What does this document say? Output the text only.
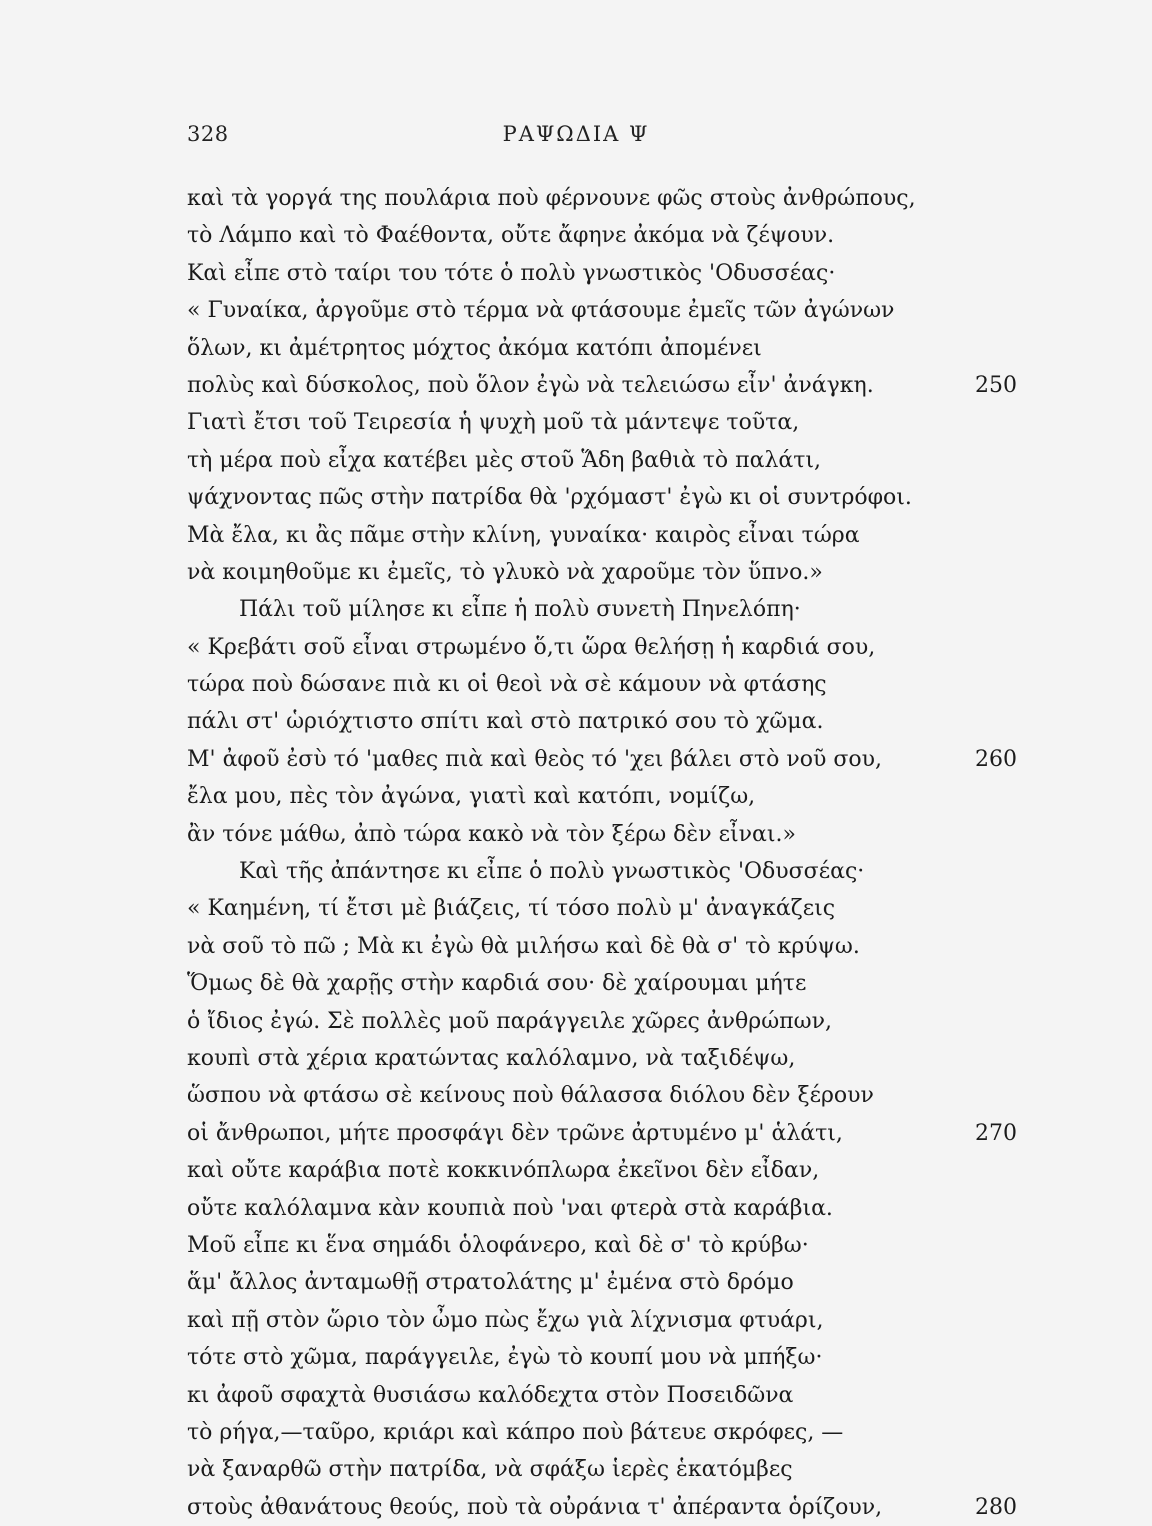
328	ΡΑΨΩΔΙΑ Ψ
καὶ τὰ γοργά της πουλάρια ποὺ φέρνουνε φῶς στοὺς ἀνθρώπους,
τὸ Λάμπο καὶ τὸ Φαέθοντα, οὔτε ἄφηνε ἀκόμα νὰ ζέψουν.
Καὶ εἶπε στὸ ταίρι του τότε ὁ πολὺ γνωστικὸς 'Οδυσσέας·
« Γυναίκα, ἀργοῦμε στὸ τέρμα νὰ φτάσουμε ἐμεῖς τῶν ἀγώνων
ὅλων, κι ἀμέτρητος μόχτος ἀκόμα κατόπι ἀπομένει
πολὺς καὶ δύσκολος, ποὺ ὅλον ἐγὼ νὰ τελειώσω εἶν' ἀνάγκη.	250
Γιατὶ ἔτσι τοῦ Τειρεσία ἡ ψυχὴ μοῦ τὰ μάντεψε τοῦτα,
τὴ μέρα ποὺ εἶχα κατέβει μὲς στοῦ Ἅδη βαθιὰ τὸ παλάτι,
ψάχνοντας πῶς στὴν πατρίδα θὰ 'ρχόμαστ' ἐγὼ κι οἱ συντρόφοι.
Μὰ ἔλα, κι ἂς πᾶμε στὴν κλίνη, γυναίκα· καιρὸς εἶναι τώρα
νὰ κοιμηθοῦμε κι ἐμεῖς, τὸ γλυκὸ νὰ χαροῦμε τὸν ὕπνο.»
Πάλι τοῦ μίλησε κι εἶπε ἡ πολὺ συνετὴ Πηνελόπη·
« Κρεβάτι σοῦ εἶναι στρωμένο ὅ,τι ὥρα θελήσῃ ἡ καρδιά σου,
τώρα ποὺ δώσανε πιὰ κι οἱ θεοὶ νὰ σὲ κάμουν νὰ φτάσης
πάλι στ' ὡριόχτιστο σπίτι καὶ στὸ πατρικό σου τὸ χῶμα.
Μ' ἀφοῦ ἐσὺ τό 'μαθες πιὰ καὶ θεὸς τό 'χει βάλει στὸ νοῦ σου,	260
ἔλα μου, πὲς τὸν ἀγώνα, γιατὶ καὶ κατόπι, νομίζω,
ἂν τόνε μάθω, ἀπὸ τώρα κακὸ νὰ τὸν ξέρω δὲν εἶναι.»
Καὶ τῆς ἀπάντησε κι εἶπε ὁ πολὺ γνωστικὸς 'Οδυσσέας·
« Καημένη, τί ἔτσι μὲ βιάζεις, τί τόσο πολὺ μ' ἀναγκάζεις
νὰ σοῦ τὸ πῶ ; Μὰ κι ἐγὼ θὰ μιλήσω καὶ δὲ θὰ σ' τὸ κρύψω.
Ὅμως δὲ θὰ χαρῇς στὴν καρδιά σου· δὲ χαίρουμαι μήτε
ὁ ἴδιος ἐγώ. Σὲ πολλὲς μοῦ παράγγειλε χῶρες ἀνθρώπων,
κουπὶ στὰ χέρια κρατώντας καλόλαμνο, νὰ ταξιδέψω,
ὥσπου νὰ φτάσω σὲ κείνους ποὺ θάλασσα διόλου δὲν ξέρουν
οἱ ἄνθρωποι, μήτε προσφάγι δὲν τρῶνε ἀρτυμένο μ' ἁλάτι,	270
καὶ οὔτε καράβια ποτὲ κοκκινόπλωρα ἐκεῖνοι δὲν εἶδαν,
οὔτε καλόλαμνα κὰν κουπιὰ ποὺ 'ναι φτερὰ στὰ καράβια.
Μοῦ εἶπε κι ἕνα σημάδι ὁλοφάνερο, καὶ δὲ σ' τὸ κρύβω·
ἅμ' ἄλλος ἀνταμωθῇ στρατολάτης μ' ἐμένα στὸ δρόμο
καὶ πῇ στὸν ὥριο τὸν ὦμο πὼς ἔχω γιὰ λίχνισμα φτυάρι,
τότε στὸ χῶμα, παράγγειλε, ἐγὼ τὸ κουπί μου νὰ μπήξω·
κι ἀφοῦ σφαχτὰ θυσιάσω καλόδεχτα στὸν Ποσειδῶνα
τὸ ρήγα,—ταῦρο, κριάρι καὶ κάπρο ποὺ βάτευε σκρόφες, —
νὰ ξαναρθῶ στὴν πατρίδα, νὰ σφάξω ἱερὲς ἑκατόμβες
στοὺς ἀθανάτους θεούς, ποὺ τὰ οὐράνια τ' ἀπέραντα ὁρίζουν,	280
